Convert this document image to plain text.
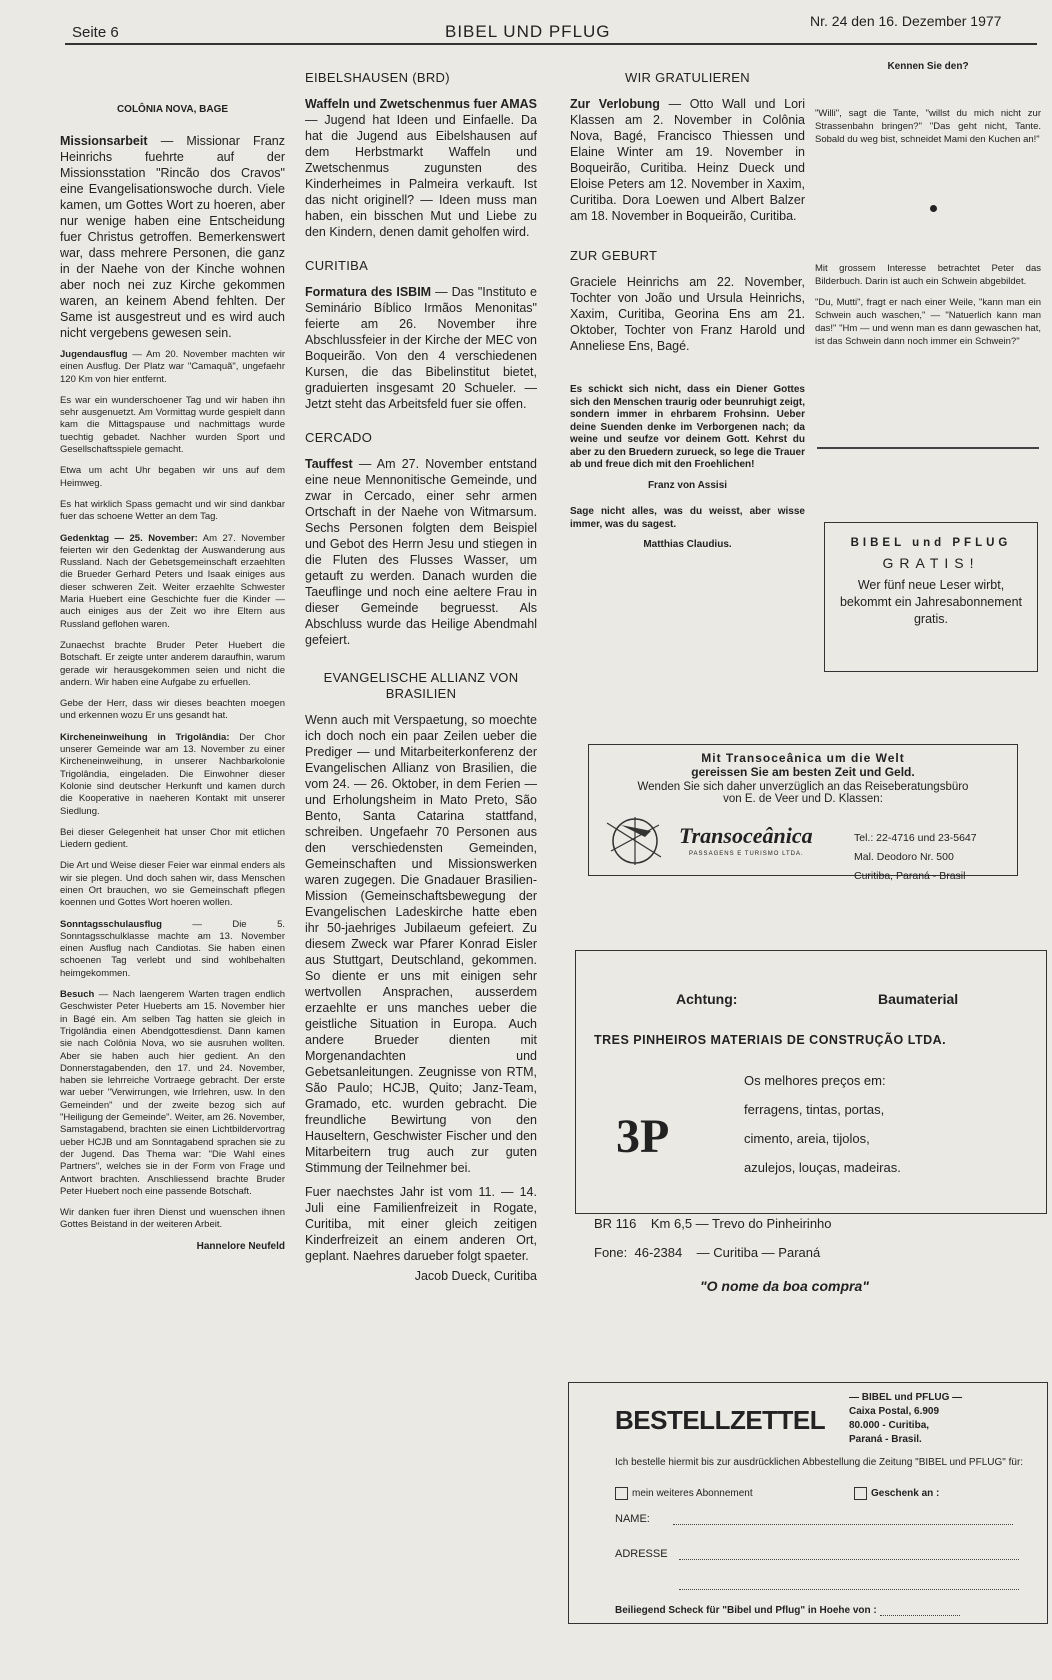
Seite 6	BIBEL UND PFLUG
Nr. 24 den 16. Dezember 1977
COLÔNIA NOVA, BAGE

Missionsarbeit — Missionar Franz Heinrichs fuehrte auf der Missionsstation "Rincão dos Cravos" eine Evangelisationswoche durch. Viele kamen, um Gottes Wort zu hoeren, aber nur wenige haben eine Entscheidung fuer Christus getroffen. Bemerkenswert war, dass mehrere Personen, die ganz in der Naehe von der Kinche wohnen aber noch nei zuz Kirche gekommen waren, an keinem Abend fehlten. Der Same ist ausgestreut und es wird auch nicht vergebens gewesen sein.

Jugendausflug — Am 20. November machten wir einen Ausflug. Der Platz war "Camaquã", ungefaehr 120 Km von hier entfernt.

Es war ein wunderschoener Tag und wir haben ihn sehr ausgenuetzt. Am Vormittag wurde gespielt dann kam die Mittagspause und nachmittags wurde tuechtig gebadet. Nachher wurden Sport und Gesellschaftsspiele gemacht.

Etwa um acht Uhr begaben wir uns auf dem Heimweg.

Es hat wirklich Spass gemacht und wir sind dankbar fuer das schoene Wetter an dem Tag.

Gedenktag — 25. November: Am 27. November feierten wir den Gedenktag der Auswanderung aus Russland. Nach der Gebetsgemeinschaft erzaehlten die Brueder Gerhard Peters und Isaak einiges aus dieser schweren Zeit. Weiter erzaehlte Schwester Maria Huebert eine Geschichte fuer die Kinder — auch einiges aus der Zeit wo ihre Eltern aus Russland geflohen waren.

Zunaechst brachte Bruder Peter Huebert die Botschaft. Er zeigte unter anderem daraufhin, warum gerade wir herausgekommen seien und nicht die andern. Wir haben eine Aufgabe zu erfuellen.

Gebe der Herr, dass wir dieses beachten moegen und erkennen wozu Er uns gesandt hat.

Kircheneinweihung in Trigolândia: Der Chor unserer Gemeinde war am 13. November zu einer Kircheneinweihung, in unserer Nachbarkolonie Trigolândia, eingeladen. Die Einwohner dieser Kolonie sind deutscher Herkunft und kamen durch die Kooperative in naeheren Kontakt mit unserer Siedlung.

Bei dieser Gelegenheit hat unser Chor mit etlichen Liedern gedient.

Die Art und Weise dieser Feier war einmal enders als wir sie plegen. Und doch sahen wir, dass Menschen einen Ort brauchen, wo sie Gemeinschaft pflegen koennen und Gottes Wort hoeren wollen.

Sonntagsschulausflug	— Die 5. Sonntagsschulklasse machte am 13. November einen Ausflug nach Candiotas. Sie haben einen schoenen Tag verlebt und sind wohlbehalten heimgekommen.

Besuch — Nach laengerem Warten tragen endlich Geschwister Peter Hueberts am 15. November hier in Bagé ein. Am selben Tag hatten sie gleich in Trigolândia einen Abendgottesdienst. Dann kamen sie nach Colônia Nova, wo sie ausruhen wollten. Aber sie haben auch hier gedient. An den Donnerstagabenden, den 17. und 24. November, haben sie lehrreiche Vortraege gebracht. Der erste war ueber "Verwirrungen, wie Irrlehren, usw. In den Gemeinden" und der zweite bezog sich auf "Heiligung der Gemeinde". Weiter, am 26. November, Samstagabend, brachten sie einen Lichtbildervortrag ueber HCJB und am Sonntagabend sprachen sie zu der Jugend. Das Thema war: "Die Wahl eines Partners", welches sie in der Form von Frage und Antwort brachten. Anschliessend brachte Bruder Peter Huebert noch eine passende Botschaft.

Wir danken fuer ihren Dienst und wuenschen ihnen Gottes Beistand in der weiteren Arbeit.

Hannelore Neufeld
EIBELSHAUSEN (BRD)

Waffeln und Zwetschenmus fuer AMAS — Jugend hat Ideen und Einfaelle. Da hat die Jugend aus Eibelshausen auf dem Herbstmarkt Waffeln und Zwetschenmus zugunsten des Kinderheimes in Palmeira verkauft. Ist das nicht originell? — Ideen muss man haben, ein bisschen Mut und Liebe zu den Kindern, denen damit geholfen wird.

CURITIBA

Formatura des ISBIM — Das "Instituto e Seminário Bíblico Irmãos Menonitas" feierte am 26. November ihre Abschlussfeier in der Kirche der MEC von Boqueirão. Von den 4 verschiedenen Kursen, die das Bibelinstitut bietet, graduierten insgesamt 20 Schueler. — Jetzt steht das Arbeitsfeld fuer sie offen.

CERCADO

Tauffest — Am 27. November entstand eine neue Mennonitische Gemeinde, und zwar in Cercado, einer sehr armen Ortschaft in der Naehe von Witmarsum. Sechs Personen folgten dem Beispiel und Gebot des Herrn Jesu und stiegen in die Fluten des Flusses Wasser, um getauft zu werden. Danach wurden die Taeuflinge und noch eine aeltere Frau in dieser Gemeinde begruesst. Als Abschluss wurde das Heilige Abendmahl gefeiert.

EVANGELISCHE ALLIANZ VON BRASILIEN

Wenn auch mit Verspaetung, so moechte ich doch noch ein paar Zeilen ueber die Prediger — und Mitarbeiterkonferenz der Evangelischen Allianz von Brasilien, die vom 24. — 26. Oktober, in dem Ferien — und Erholungsheim in Mato Preto, São Bento, Santa Catarina stattfand, schreiben. Ungefaehr 70 Personen aus den verschiedensten Gemeinden, Gemeinschaften und Missionswerken waren zugegen. Die Gnadauer Brasilien-Mission (Gemeinschaftsbewegung der Evangelischen Ladeskirche hatte eben ihr 50-jaehriges Jubilaeum gefeiert. Zu diesem Zweck war Pfarer Konrad Eisler aus Stuttgart, Deutschland, gekommen. So diente er uns mit einigen sehr wertvollen Ansprachen, ausserdem erzaehlte er uns manches ueber die geistliche Situation in Europa. Auch andere Brueder dienten mit Morgenandachten und Gebetsanleitungen. Zeugnisse von RTM, São Paulo; HCJB, Quito; Janz-Team, Gramado, etc. wurden gebracht. Die freundliche Bewirtung von den Hauseltern, Geschwister Fischer und den Mitarbeitern trug auch zur guten Stimmung der Teilnehmer bei.

Fuer naechstes Jahr ist vom 11. — 14. Juli eine Familienfreizeit in Rogate, Curitiba, mit einer gleich zeitigen Kinderfreizeit an einem anderen Ort, geplant. Naehres darueber folgt spaeter.

Jacob Dueck, Curitiba
WIR GRATULIEREN

Zur Verlobung — Otto Wall und Lori Klassen am 2. November in Colônia Nova, Bagé, Francisco Thiessen und Elaine Winter am 19. November in Boqueirão, Curitiba. Heinz Dueck und Eloise Peters am 12. November in Xaxim, Curitiba. Dora Loewen und Albert Balzer am 18. November in Boqueirão, Curitiba.

ZUR GEBURT

Graciele Heinrichs am 22. November, Tochter von João und Ursula Heinrichs, Xaxim, Curitiba, Georina Ens am 21. Oktober, Tochter von Franz Harold und Anneliese Ens, Bagé.

Es schickt sich nicht, dass ein Diener Gottes sich den Menschen traurig oder beunruhigt zeigt, sondern immer in ehrbarem Frohsinn. Ueber deine Suenden denke im Verborgenen nach; da weine und seufze vor deinem Gott. Kehrst du aber zu den Bruedern zurueck, so lege die Trauer ab und freue dich mit den Froehlichen!

Franz von Assisi

Sage nicht alles, was du weisst, aber wisse immer, was du sagest.

Matthias Claudius.
Kennen Sie den?

"Willi", sagt die Tante, "willst du mich nicht zur Strassenbahn bringen?" "Das geht nicht, Tante. Sobald du weg bist, schneidet Mami den Kuchen an!"

Mit grossem Interesse betrachtet Peter das Bilderbuch. Darin ist auch ein Schwein abgebildet.

"Du, Mutti", fragt er nach einer Weile, "kann man ein Schwein auch waschen," — "Natuerlich kann man das!" "Hm — und wenn man es dann gewaschen hat, ist das Schwein dann noch immer ein Schwein?"

BIBEL und PFLUG
GRATIS!
Wer fünf neue Leser wirbt, bekommt ein Jahresabonnement gratis.
Mit Transoceânica um die Welt
gereissen Sie am besten Zeit und Geld.
Wenden Sie sich daher unverzüglich an das Reiseberatungsbüro von E. de Veer und D. Klassen:
Transoceânica
PASSAGENS E TURISMO LTDA.
Tel.: 22-4716 und 23-5647
Mal. Deodoro Nr. 500
Curitiba, Paraná - Brasil
Achtung:	Baumaterial
TRES PINHEIROS MATERIAIS DE CONSTRUÇÃO LTDA.
3P
Os melhores preços em:
ferragens, tintas, portas,
cimento, areia, tijolos,
azulejos, louças, madeiras.
BR 116 Km 6,5 — Trevo do Pinheirinho
Fone: 46-2384 — Curitiba — Paraná
"O nome da boa compra"
BESTELLZETTEL
— BIBEL und PFLUG —
Caixa Postal, 6.909
80.000 - Curitiba,
Paraná - Brasil.
Ich bestelle hiermit bis zur ausdrücklichen Abbestellung die Zeitung "BIBEL und PFLUG" für:
mein weiteres Abonnement	Geschenk an :
NAME:
ADRESSE
Beiliegend Scheck für "Bibel und Pflug" in Hoehe von :
